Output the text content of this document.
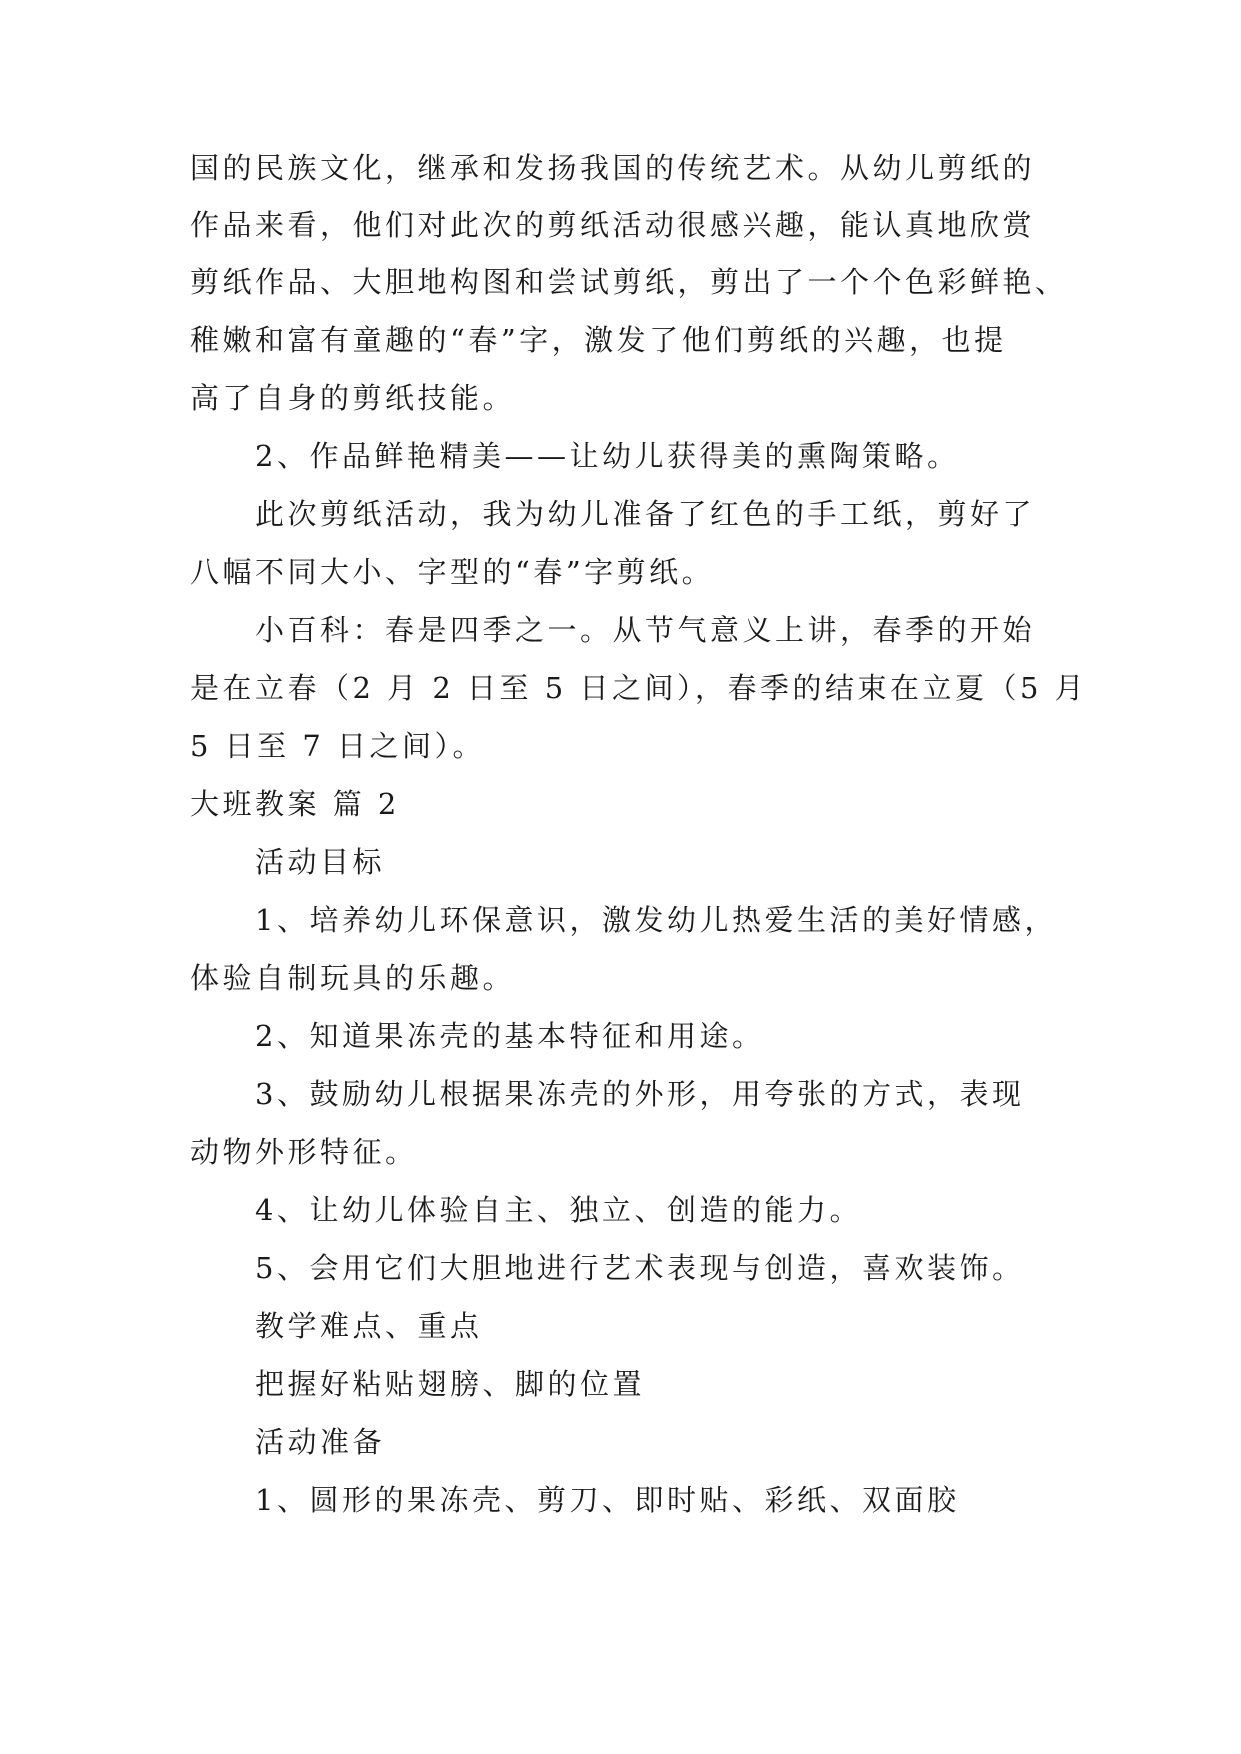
国的民族文化，继承和发扬我国的传统艺术。从幼儿剪纸的
作品来看，他们对此次的剪纸活动很感兴趣，能认真地欣赏
剪纸作品、大胆地构图和尝试剪纸，剪出了一个个色彩鲜艳、
稚嫩和富有童趣的“春”字，激发了他们剪纸的兴趣，也提
高了自身的剪纸技能。
2、作品鲜艳精美——让幼儿获得美的熏陶策略。
此次剪纸活动，我为幼儿准备了红色的手工纸，剪好了
八幅不同大小、字型的“春”字剪纸。
小百科：春是四季之一。从节气意义上讲，春季的开始
是在立春（2 月 2 日至 5 日之间），春季的结束在立夏（5 月
5 日至 7 日之间）。
大班教案 篇 2
活动目标
1、培养幼儿环保意识，激发幼儿热爱生活的美好情感，
体验自制玩具的乐趣。
2、知道果冻壳的基本特征和用途。
3、鼓励幼儿根据果冻壳的外形，用夸张的方式，表现
动物外形特征。
4、让幼儿体验自主、独立、创造的能力。
5、会用它们大胆地进行艺术表现与创造，喜欢装饰。
教学难点、重点
把握好粘贴翅膀、脚的位置
活动准备
1、圆形的果冻壳、剪刀、即时贴、彩纸、双面胶
